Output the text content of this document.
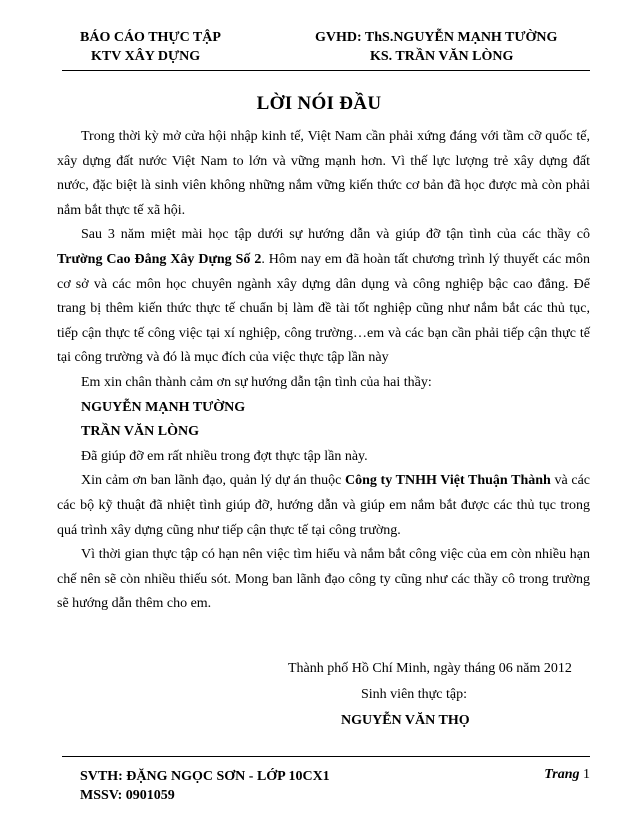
BÁO CÁO THỰC TẬP
KTV XÂY DỰNG
GVHD: ThS.NGUYỄN MẠNH TƯỜNG
KS. TRẦN VĂN LÒNG
LỜI NÓI ĐẦU

Trong thời kỳ mở cửa hội nhập kinh tế, Việt Nam cần phải xứng đáng với tầm cỡ quốc tế, xây dựng đất nước Việt Nam to lớn và vững mạnh hơn. Vì thế lực lượng trẻ xây dựng đất nước, đặc biệt là sinh viên không những nắm vững kiến thức cơ bản đã học được mà còn phải nắm bắt thực tế xã hội.

Sau 3 năm miệt mài học tập dưới sự hướng dẫn và giúp đỡ tận tình của các thầy cô Trường Cao Đẳng Xây Dựng Số 2. Hôm nay em đã hoàn tất chương trình lý thuyết các môn cơ sở và các môn học chuyên ngành xây dựng dân dụng và công nghiệp bậc cao đẳng. Để trang bị thêm kiến thức thực tế chuẩn bị làm đề tài tốt nghiệp cũng như nắm bắt các thủ tục, tiếp cận thực tế công việc tại xí nghiệp, công trường…em và các bạn cần phải tiếp cận thực tế tại công trường và đó là mục đích của việc thực tập lần này

Em xin chân thành cảm ơn sự hướng dẫn tận tình của hai thầy:

NGUYỄN MẠNH TƯỜNG

TRẦN VĂN LÒNG

Đã giúp đỡ em rất nhiều trong đợt thực tập lần này.

Xin cảm ơn ban lãnh đạo, quản lý dự án thuộc Công ty TNHH Việt Thuận Thành và các các bộ kỹ thuật đã nhiệt tình giúp đỡ, hướng dẫn và giúp em nắm bắt được các thủ tục trong quá trình xây dựng cũng như tiếp cận thực tế tại công trường.

Vì thời gian thực tập có hạn nên việc tìm hiểu và nắm bắt công việc của em còn nhiều hạn chế nên sẽ còn nhiều thiếu sót. Mong ban lãnh đạo công ty cũng như các thầy cô trong trường sẽ hướng dẫn thêm cho em.

Thành phố Hồ Chí Minh, ngày tháng 06 năm 2012
Sinh viên thực tập:
NGUYỄN VĂN THỌ
SVTH: ĐẶNG NGỌC SƠN - LỚP 10CX1
MSSV: 0901059
Trang 1
